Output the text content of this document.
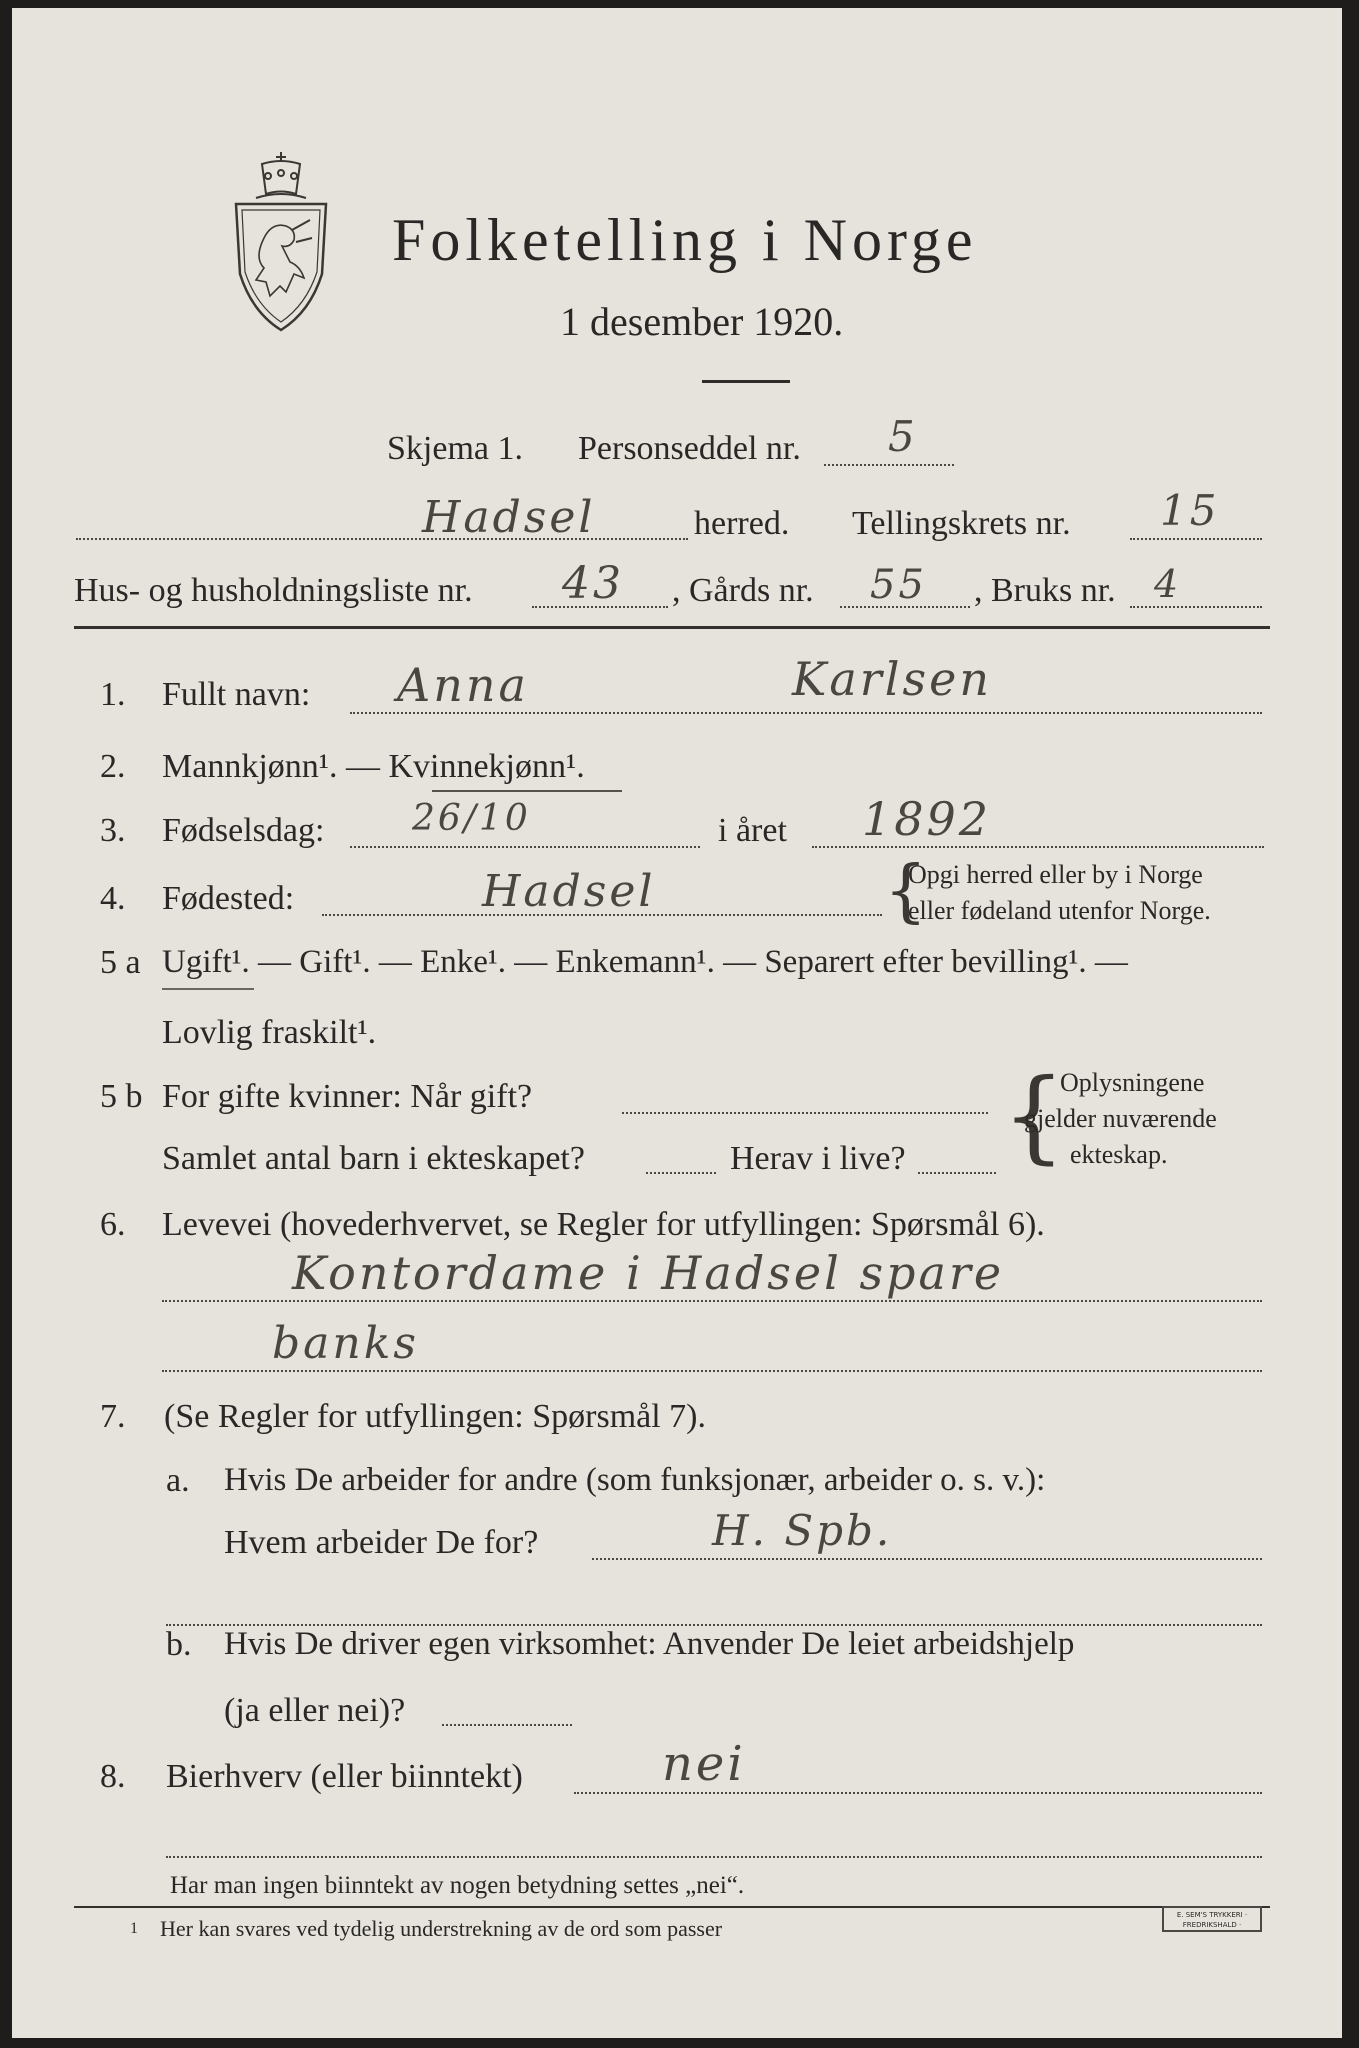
Folketelling i Norge
1 desember 1920.
Skjema 1. Personseddel nr. 5
Hadsel	herred. Tellingskrets nr. 15
Hus- og husholdningsliste nr. 43 , Gårds nr. 55 , Bruks nr. 4
1. Fullt navn: Anna	Karlsen
2. Mannkjønn¹. — Kvinnekjønn¹.
3. Fødselsdag: 26/10	i året 1892
4. Fødested:	Hadsel	{
Opgi herred eller by i Norge
eller fødeland utenfor Norge.
5 a Ugift¹. — Gift¹. — Enke¹. — Enkemann¹. — Separert efter bevilling¹. —
Lovlig fraskilt¹.
5 b For gifte kvinner: Når gift?
Samlet antal barn i ekteskapet?	Herav i live? {
Oplysningene
gjelder nuværende
ekteskap.
6. Levevei (hovederhvervet, se Regler for utfyllingen: Spørsmål 6).
Kontordame i Hadsel spare
banks
7. (Se Regler for utfyllingen: Spørsmål 7).
a. Hvis De arbeider for andre (som funksjonær, arbeider o. s. v.):
Hvem arbeider De for?	H. Spb.
b. Hvis De driver egen virksomhet: Anvender De leiet arbeidshjelp
(ja eller nei)?
8. Bierhverv (eller biinntekt)	nei
Har man ingen biinntekt av nogen betydning settes „nei“.
1 Her kan svares ved tydelig understrekning av de ord som passer
E. SEM'S TRYKKERI · FREDRIKSHALD ·
